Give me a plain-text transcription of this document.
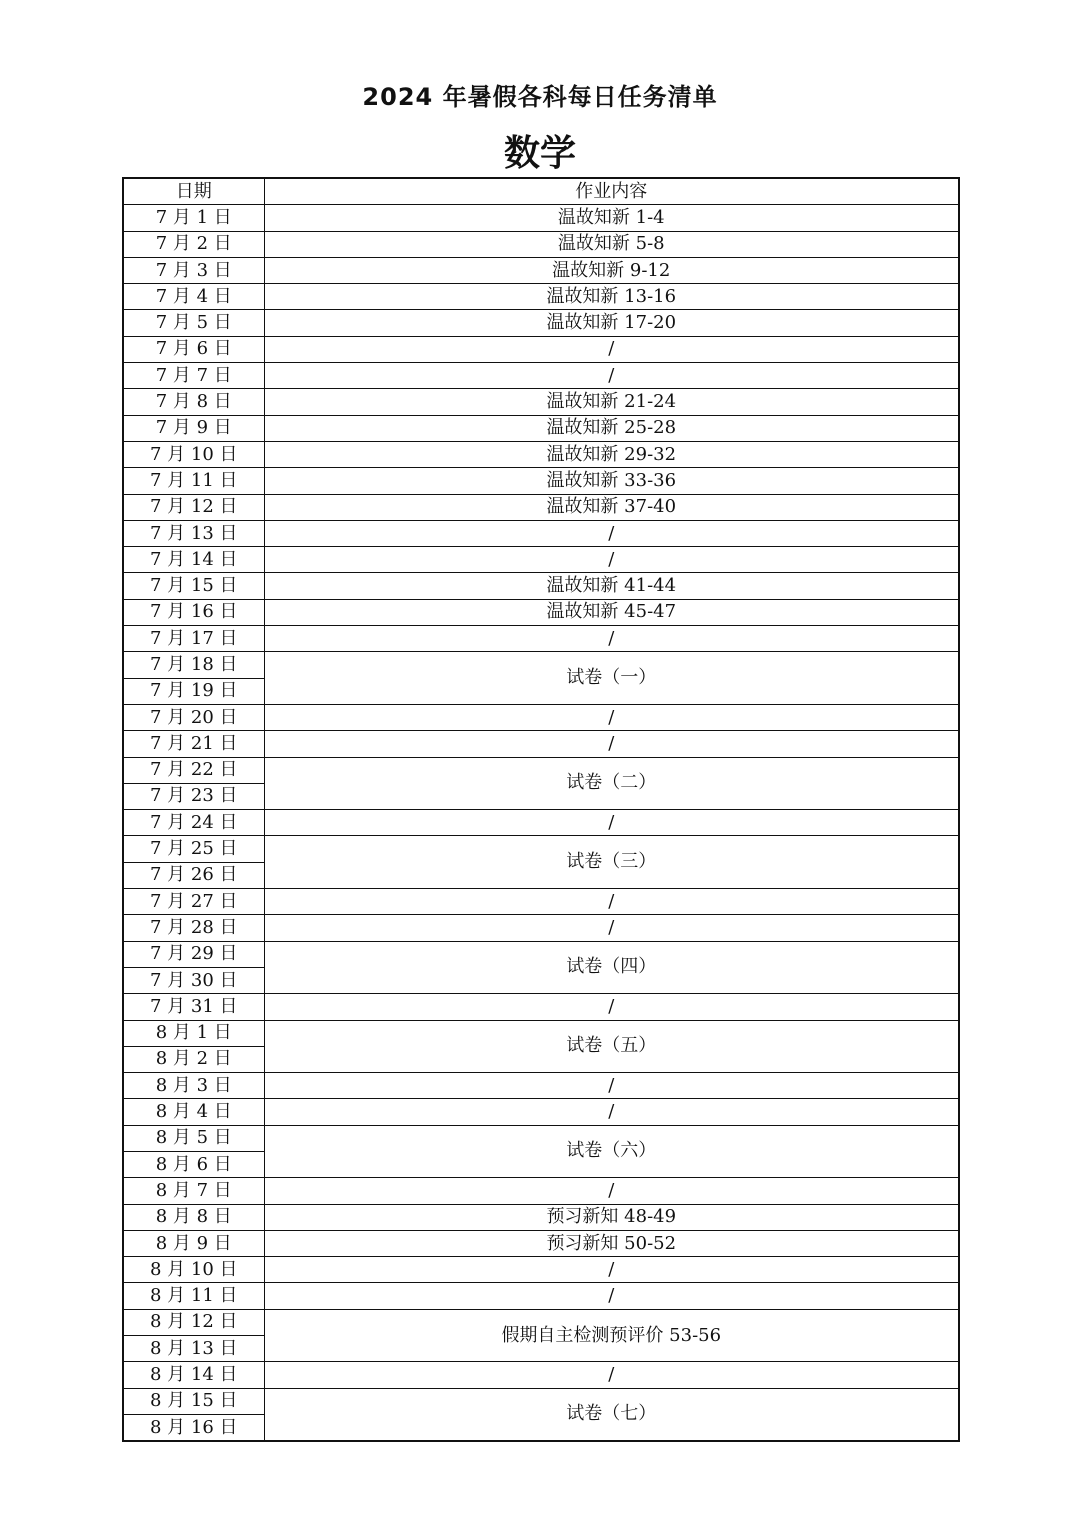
2024 年暑假各科每日任务清单
数学
日期	作业内容
7 月 1 日	温故知新 1-4
7 月 2 日	温故知新 5-8
7 月 3 日	温故知新 9-12
7 月 4 日	温故知新 13-16
7 月 5 日	温故知新 17-20
7 月 6 日	/
7 月 7 日	/
7 月 8 日	温故知新 21-24
7 月 9 日	温故知新 25-28
7 月 10 日	温故知新 29-32
7 月 11 日	温故知新 33-36
7 月 12 日	温故知新 37-40
7 月 13 日	/
7 月 14 日	/
7 月 15 日	温故知新 41-44
7 月 16 日	温故知新 45-47
7 月 17 日	/
7 月 18 日	试卷（一）
7 月 19 日	
7 月 20 日	/
7 月 21 日	/
7 月 22 日	试卷（二）
7 月 23 日	
7 月 24 日	/
7 月 25 日	试卷（三）
7 月 26 日	
7 月 27 日	/
7 月 28 日	/
7 月 29 日	试卷（四）
7 月 30 日	
7 月 31 日	/
8 月 1 日	试卷（五）
8 月 2 日	
8 月 3 日	/
8 月 4 日	/
8 月 5 日	试卷（六）
8 月 6 日	
8 月 7 日	/
8 月 8 日	预习新知 48-49
8 月 9 日	预习新知 50-52
8 月 10 日	/
8 月 11 日	/
8 月 12 日	假期自主检测预评价 53-56
8 月 13 日	
8 月 14 日	/
8 月 15 日	试卷（七）
8 月 16 日	
